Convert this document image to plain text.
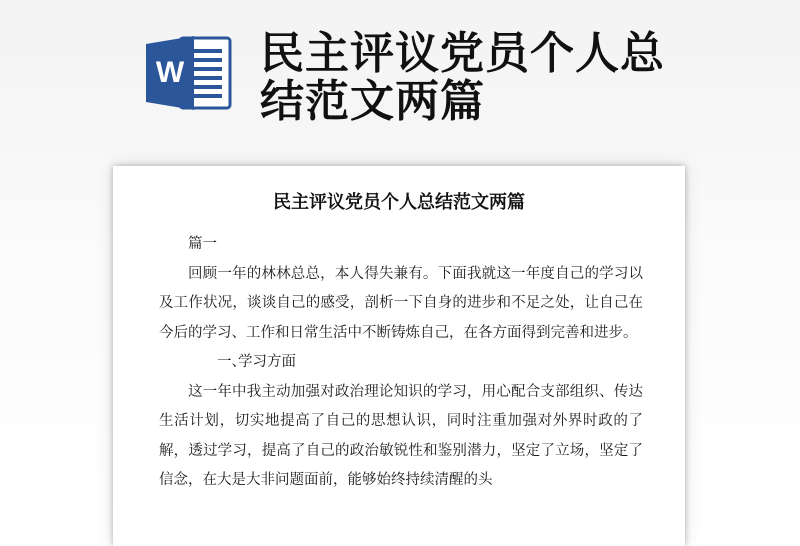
W 民主评议党员个人总结范文两篇
民主评议党员个人总结范文两篇

篇一

回顾一年的林林总总，本人得失兼有。下面我就这一年度自己的学习以及工作状况，谈谈自己的感受，剖析一下自身的进步和不足之处，让自己在今后的学习、工作和日常生活中不断铸炼自己，在各方面得到完善和进步。

一、学习方面

这一年中我主动加强对政治理论知识的学习，用心配合支部组织、传达生活计划，切实地提高了自己的思想认识，同时注重加强对外界时政的了解，透过学习，提高了自己的政治敏锐性和鉴别潜力，坚定了立场，坚定了信念，在大是大非问题面前，能够始终持续清醒的头
